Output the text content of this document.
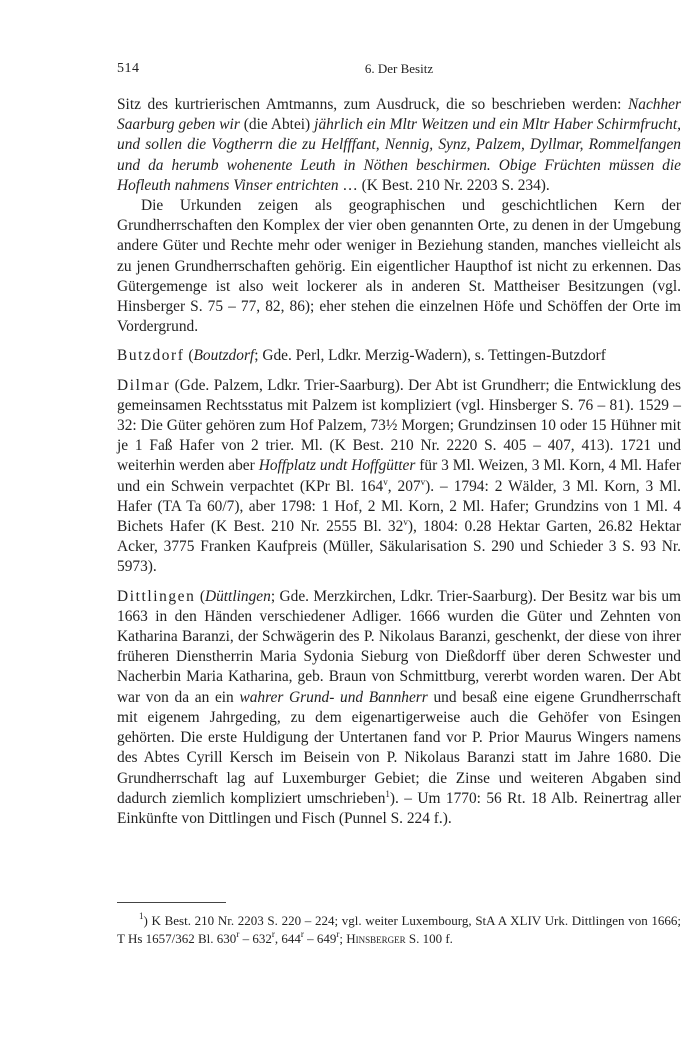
514	6. Der Besitz

Sitz des kurtrierischen Amtmanns, zum Ausdruck, die so beschrieben werden: Nachher Saarburg geben wir (die Abtei) jährlich ein Mltr Weitzen und ein Mltr Haber Schirmfrucht, und sollen die Vogtherrn die zu Helfffant, Nennig, Synz, Palzem, Dyllmar, Rommelfangen und da herumb wohenente Leuth in Nöthen beschirmen. Obige Früchten müssen die Hofleuth nahmens Vinser entrichten … (K Best. 210 Nr. 2203 S. 234).

Die Urkunden zeigen als geographischen und geschichtlichen Kern der Grundherrschaften den Komplex der vier oben genannten Orte, zu denen in der Umgebung andere Güter und Rechte mehr oder weniger in Beziehung standen, manches vielleicht als zu jenen Grundherrschaften gehörig. Ein eigentlicher Haupthof ist nicht zu erkennen. Das Gütergemenge ist also weit lockerer als in anderen St. Mattheiser Besitzungen (vgl. Hinsberger S. 75 – 77, 82, 86); eher stehen die einzelnen Höfe und Schöffen der Orte im Vordergrund.

Butzdorf (Boutzdorf; Gde. Perl, Ldkr. Merzig-Wadern), s. Tettingen-Butzdorf

Dilmar (Gde. Palzem, Ldkr. Trier-Saarburg). Der Abt ist Grundherr; die Entwicklung des gemeinsamen Rechtsstatus mit Palzem ist kompliziert (vgl. Hinsberger S. 76 – 81). 1529 – 32: Die Güter gehören zum Hof Palzem, 73½ Morgen; Grundzinsen 10 oder 15 Hühner mit je 1 Faß Hafer von 2 trier. Ml. (K Best. 210 Nr. 2220 S. 405 – 407, 413). 1721 und weiterhin werden aber Hoffplatz undt Hoffgütter für 3 Ml. Weizen, 3 Ml. Korn, 4 Ml. Hafer und ein Schwein verpachtet (KPr Bl. 164$^v$, 207$^v$). – 1794: 2 Wälder, 3 Ml. Korn, 3 Ml. Hafer (TA Ta 60/7), aber 1798: 1 Hof, 2 Ml. Korn, 2 Ml. Hafer; Grundzins von 1 Ml. 4 Bichets Hafer (K Best. 210 Nr. 2555 Bl. 32$^v$), 1804: 0.28 Hektar Garten, 26.82 Hektar Acker, 3775 Franken Kaufpreis (Müller, Säkularisation S. 290 und Schieder 3 S. 93 Nr. 5973).

Dittlingen (Düttlingen; Gde. Merzkirchen, Ldkr. Trier-Saarburg). Der Besitz war bis um 1663 in den Händen verschiedener Adliger. 1666 wurden die Güter und Zehnten von Katharina Baranzi, der Schwägerin des P. Nikolaus Baranzi, geschenkt, der diese von ihrer früheren Dienstherrin Maria Sydonia Sieburg von Dießdorff über deren Schwester und Nacherbin Maria Katharina, geb. Braun von Schmittburg, vererbt worden waren. Der Abt war von da an ein wahrer Grund- und Bannherr und besaß eine eigene Grundherrschaft mit eigenem Jahrgeding, zu dem eigenartigerweise auch die Gehöfer von Esingen gehörten. Die erste Huldigung der Untertanen fand vor P. Prior Maurus Wingers namens des Abtes Cyrill Kersch im Beisein von P. Nikolaus Baranzi statt im Jahre 1680. Die Grundherrschaft lag auf Luxemburger Gebiet; die Zinse und weiteren Abgaben sind dadurch ziemlich kompliziert umschrieben$^1$). – Um 1770: 56 Rt. 18 Alb. Reinertrag aller Einkünfte von Dittlingen und Fisch (Punnel S. 224 f.).

$^1$) K Best. 210 Nr. 2203 S. 220 – 224; vgl. weiter Luxembourg, StA A XLIV Urk. Dittlingen von 1666; T Hs 1657/362 Bl. 630$^r$ – 632$^r$, 644$^r$ – 649$^r$; Hinsberger S. 100 f.
